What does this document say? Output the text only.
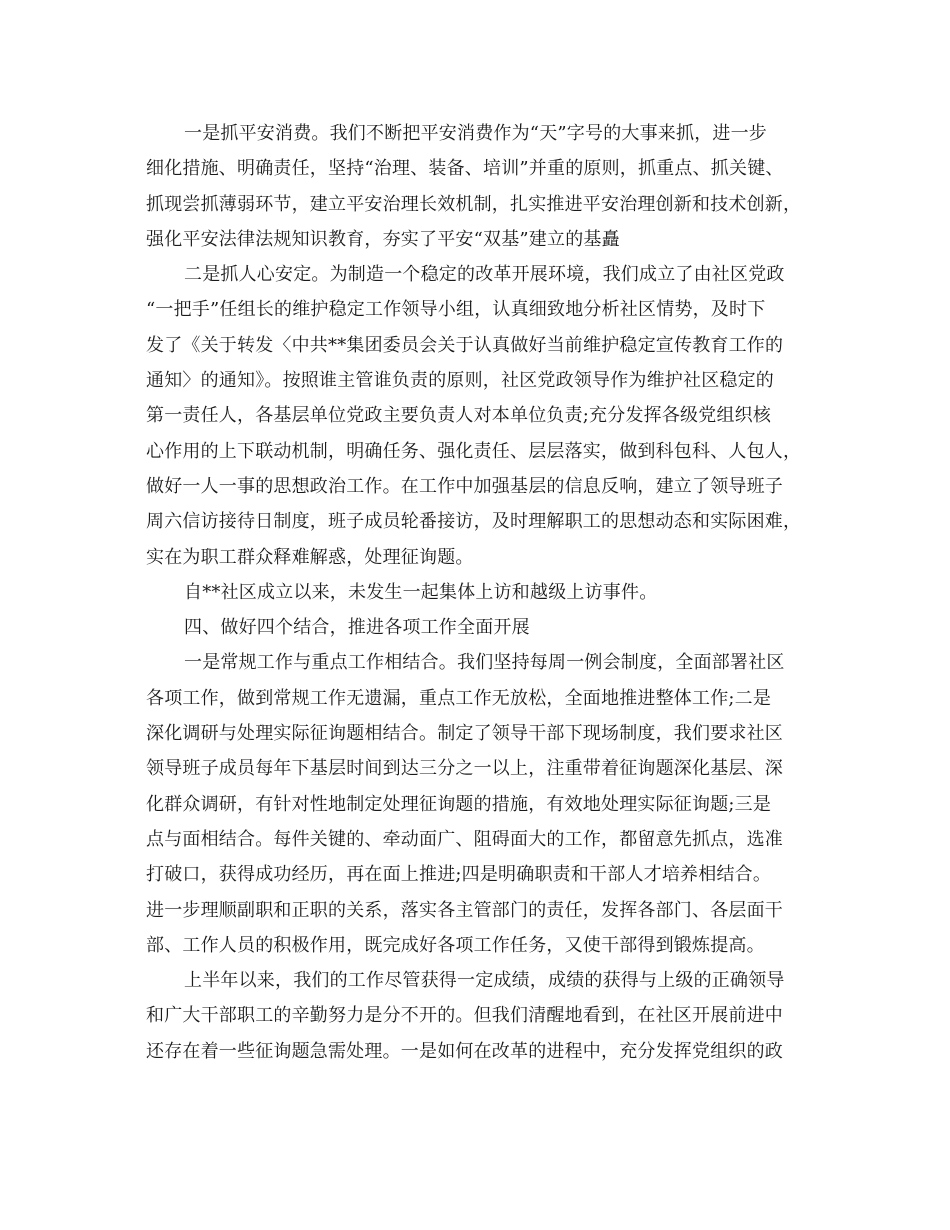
一是抓平安消费。我们不断把平安消费作为“天”字号的大事来抓，进一步
细化措施、明确责任，坚持“治理、装备、培训”并重的原则，抓重点、抓关键、
抓现尝抓薄弱环节，建立平安治理长效机制，扎实推进平安治理创新和技术创新，
强化平安法律法规知识教育，夯实了平安“双基”建立的基矗
二是抓人心安定。为制造一个稳定的改革开展环境，我们成立了由社区党政
“一把手”任组长的维护稳定工作领导小组，认真细致地分析社区情势，及时下
发了《关于转发〈中共**集团委员会关于认真做好当前维护稳定宣传教育工作的
通知〉的通知》。按照谁主管谁负责的原则，社区党政领导作为维护社区稳定的
第一责任人，各基层单位党政主要负责人对本单位负责;充分发挥各级党组织核
心作用的上下联动机制，明确任务、强化责任、层层落实，做到科包科、人包人，
做好一人一事的思想政治工作。在工作中加强基层的信息反响，建立了领导班子
周六信访接待日制度，班子成员轮番接访，及时理解职工的思想动态和实际困难，
实在为职工群众释难解惑，处理征询题。
自**社区成立以来，未发生一起集体上访和越级上访事件。
四、做好四个结合，推进各项工作全面开展
一是常规工作与重点工作相结合。我们坚持每周一例会制度，全面部署社区
各项工作，做到常规工作无遗漏，重点工作无放松，全面地推进整体工作;二是
深化调研与处理实际征询题相结合。制定了领导干部下现场制度，我们要求社区
领导班子成员每年下基层时间到达三分之一以上，注重带着征询题深化基层、深
化群众调研，有针对性地制定处理征询题的措施，有效地处理实际征询题;三是
点与面相结合。每件关键的、牵动面广、阻碍面大的工作，都留意先抓点，选准
打破口，获得成功经历，再在面上推进;四是明确职责和干部人才培养相结合。
进一步理顺副职和正职的关系，落实各主管部门的责任，发挥各部门、各层面干
部、工作人员的积极作用，既完成好各项工作任务，又使干部得到锻炼提高。
上半年以来，我们的工作尽管获得一定成绩，成绩的获得与上级的正确领导
和广大干部职工的辛勤努力是分不开的。但我们清醒地看到，在社区开展前进中
还存在着一些征询题急需处理。一是如何在改革的进程中，充分发挥党组织的政
